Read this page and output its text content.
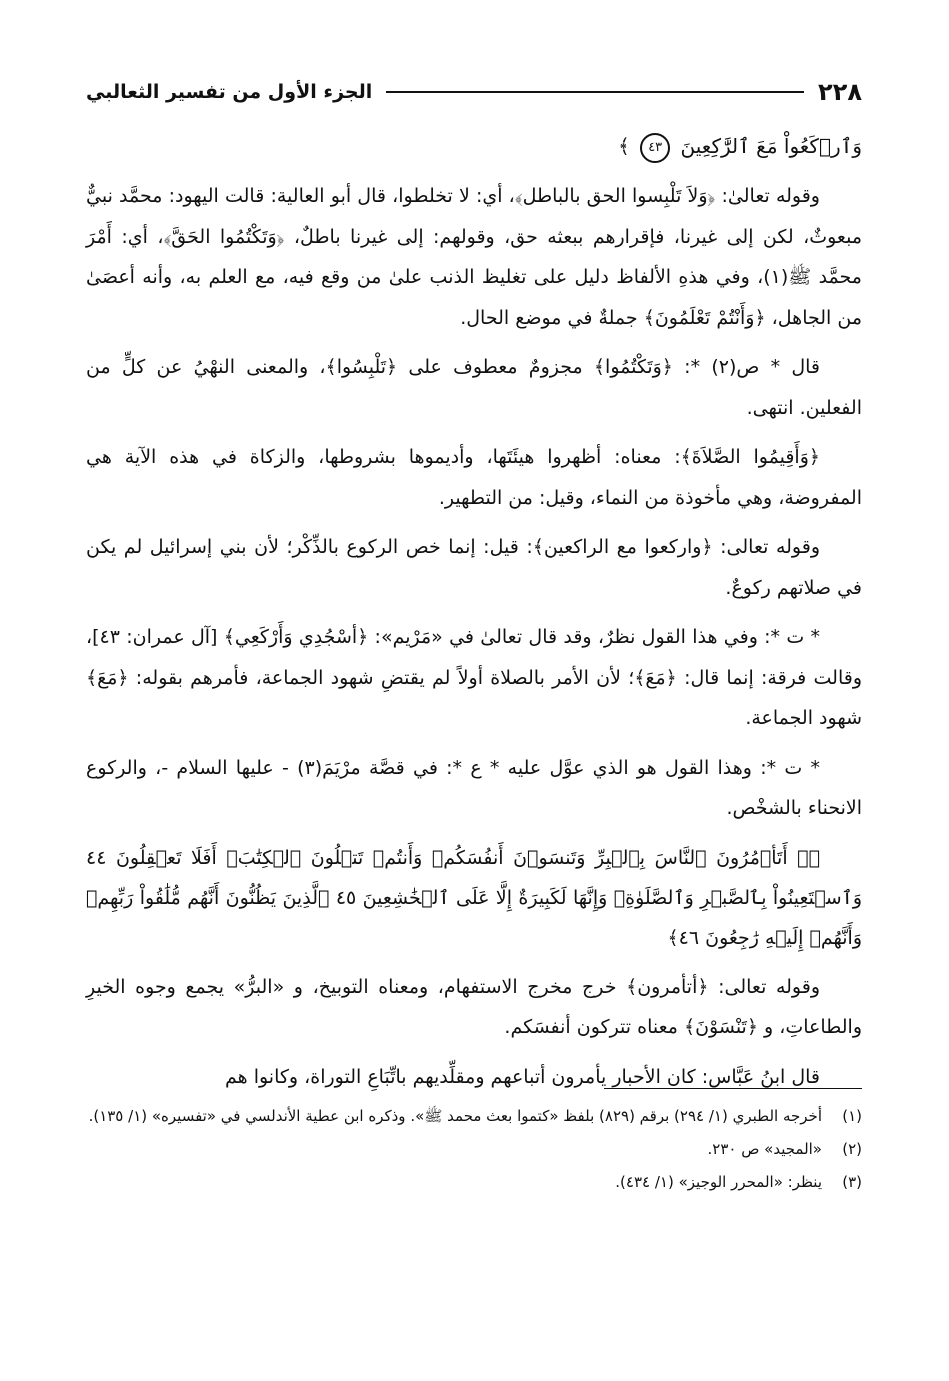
الجزء الأول من تفسير الثعالبي	٢٢٨
وَٱرۡكَعُواْ مَعَ ٱلرَّٰكِعِينَ ٤٣ ﴾

وقوله تعالىٰ: ﴿وَلاَ تَلْبِسوا الحق بالباطل﴾، أي: لا تخلطوا، قال أبو العالية: قالت اليهود: محمَّد نبيٌّ مبعوثٌ، لكن إلى غيرنا، فإقرارهم ببعثه حق، وقولهم: إلى غيرنا باطلٌ، ﴿وَتَكْتُمُوا الحَقَّ﴾، أي: أَمْرَ محمَّد ﷺ(١)، وفي هذهِ الألفاظ دليل على تغليظ الذنب علىٰ من وقع فيه، مع العلم به، وأنه أعصَىٰ من الجاهل، ﴿وَأَنْتُمْ تَعْلَمُونَ﴾ جملةٌ في موضع الحال.

قال * ص(٢) *: ﴿وَتَكْتُمُوا﴾ مجزومٌ معطوف على ﴿تَلْبِسُوا﴾، والمعنى النهْيُ عن كلٍّ من الفعلين. انتهى.

﴿وَأَقِيمُوا الصَّلاَةَ﴾: معناه: أظهروا هيئَتَها، وأديموها بشروطها، والزكاة في هذه الآية هي المفروضة، وهي مأخوذة من النماء، وقيل: من التطهير.

وقوله تعالى: ﴿واركعوا مع الراكعين﴾: قيل: إنما خص الركوع بالذِّكْر؛ لأن بني إسرائيل لم يكن في صلاتهم ركوعٌ.

* ت *: وفي هذا القول نظرٌ، وقد قال تعالىٰ في «مَرْيم»: ﴿أسْجُدِي وَأَرْكَعِي﴾ [آل عمران: ٤٣]، وقالت فرقة: إنما قال: ﴿مَعَ﴾؛ لأن الأمر بالصلاة أولاً لم يقتضِ شهود الجماعة، فأمرهم بقوله: ﴿مَعَ﴾ شهود الجماعة.

* ت *: وهذا القول هو الذي عوَّل عليه * ع *: في قصَّة مرْيَمَ(٣) - عليها السلام -، والركوع الانحناء بالشخْص.

﴿۞ أَتَأۡمُرُونَ ٱلنَّاسَ بِٱلۡبِرِّ وَتَنسَوۡنَ أَنفُسَكُمۡ وَأَنتُمۡ تَتۡلُونَ ٱلۡكِتَٰبَۚ أَفَلَا تَعۡقِلُونَ ٤٤ وَٱسۡتَعِينُواْ بِٱلصَّبۡرِ وَٱلصَّلَوٰةِۚ وَإِنَّهَا لَكَبِيرَةٌ إِلَّا عَلَى ٱلۡخَٰشِعِينَ ٤٥ ٱلَّذِينَ يَظُنُّونَ أَنَّهُم مُّلَٰقُواْ رَبِّهِمۡ وَأَنَّهُمۡ إِلَيۡهِ رَٰجِعُونَ ٤٦﴾

وقوله تعالى: ﴿أتأمرون﴾ خرج مخرج الاستفهام، ومعناه التوبيخ، و «البرُّ» يجمع وجوه الخيرِ والطاعاتِ، و ﴿تَنْسَوْنَ﴾ معناه تتركون أنفسَكم.

قال ابنُ عَبَّاس: كان الأحبار يأمرون أتباعهم ومقلِّديهم باتِّبَاعِ التوراة، وكانوا هم

(١)
أخرجه الطبري (١/ ٢٩٤) برقم (٨٢٩) بلفظ «كتموا بعث محمد ﷺ». وذكره ابن عطية الأندلسي في «تفسيره» (١/ ١٣٥).
(٢)
«المجيد» ص ٢٣٠.
(٣)
ينظر: «المحرر الوجيز» (١/ ٤٣٤).
